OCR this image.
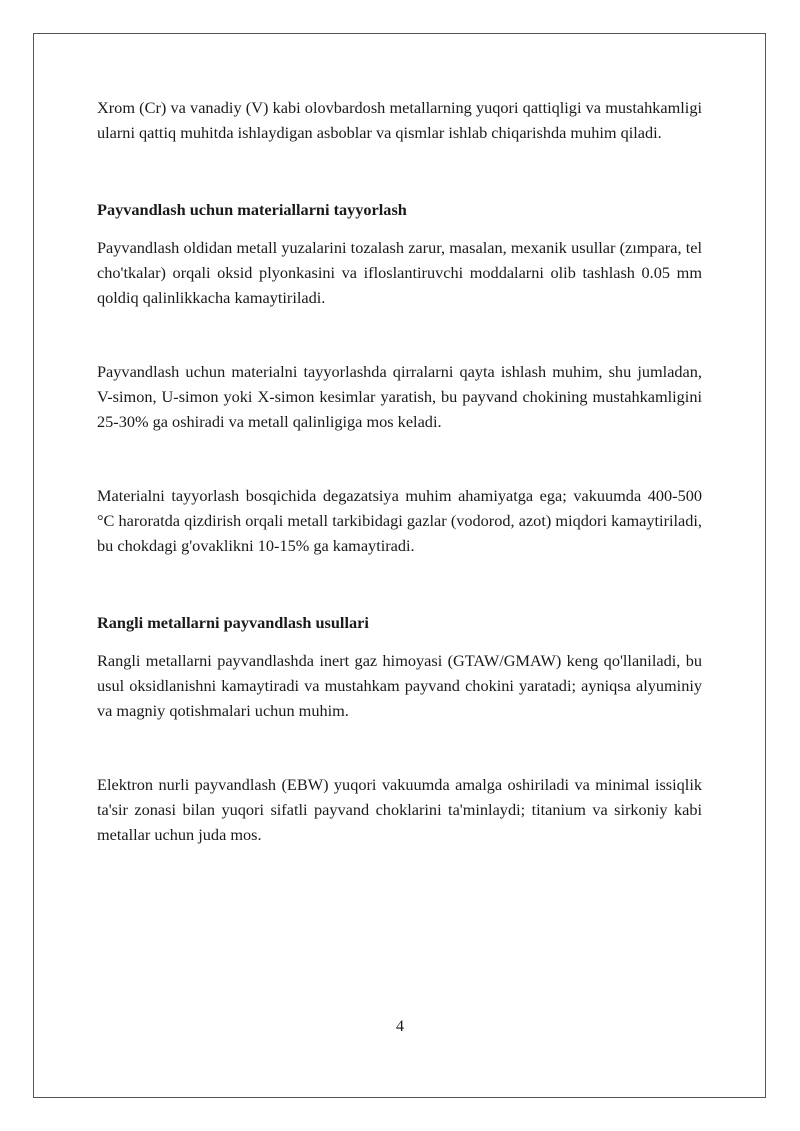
Xrom (Cr) va vanadiy (V) kabi olovbardosh metallarning yuqori qattiqligi va mustahkamligi ularni qattiq muhitda ishlaydigan asboblar va qismlar ishlab chiqarishda muhim qiladi.

Payvandlash uchun materiallarni tayyorlash

Payvandlash oldidan metall yuzalarini tozalash zarur, masalan, mexanik usullar (zımpara, tel cho'tkalar) orqali oksid plyonkasini va ifloslantiruvchi moddalarni olib tashlash 0.05 mm qoldiq qalinlikkacha kamaytiriladi.

Payvandlash uchun materialni tayyorlashda qirralarni qayta ishlash muhim, shu jumladan, V-simon, U-simon yoki X-simon kesimlar yaratish, bu payvand chokining mustahkamligini 25-30% ga oshiradi va metall qalinligiga mos keladi.

Materialni tayyorlash bosqichida degazatsiya muhim ahamiyatga ega; vakuumda 400-500 °C haroratda qizdirish orqali metall tarkibidagi gazlar (vodorod, azot) miqdori kamaytiriladi, bu chokdagi g'ovaklikni 10-15% ga kamaytiradi.

Rangli metallarni payvandlash usullari

Rangli metallarni payvandlashda inert gaz himoyasi (GTAW/GMAW) keng qo'llaniladi, bu usul oksidlanishni kamaytiradi va mustahkam payvand chokini yaratadi; ayniqsa alyuminiy va magniy qotishmalari uchun muhim.

Elektron nurli payvandlash (EBW) yuqori vakuumda amalga oshiriladi va minimal issiqlik ta'sir zonasi bilan yuqori sifatli payvand choklarini ta'minlaydi; titanium va sirkoniy kabi metallar uchun juda mos.

4
